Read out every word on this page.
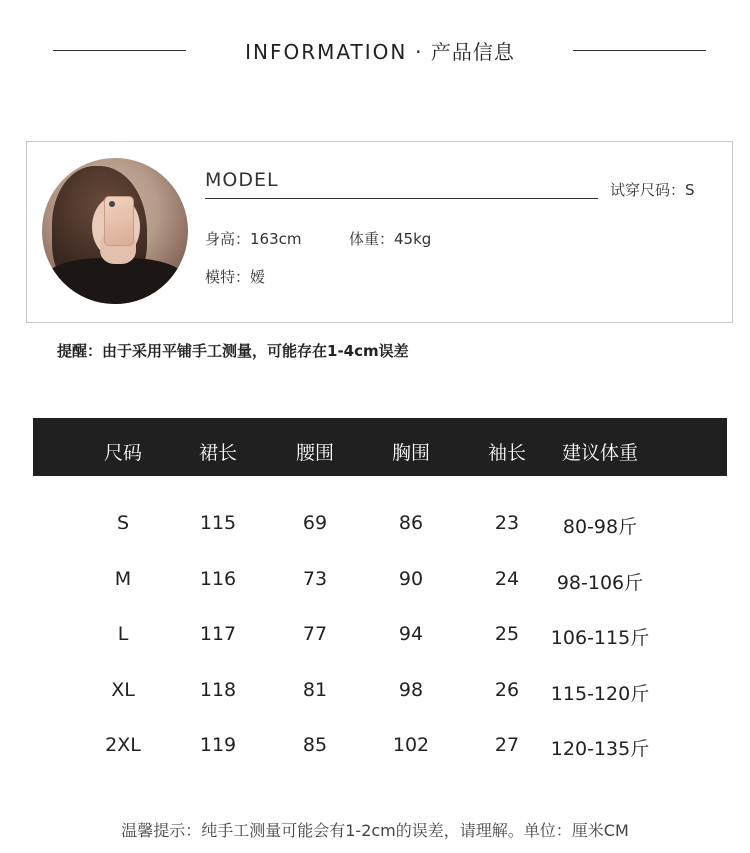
INFORMATION · 产品信息
MODEL	试穿尺码：S
身高：163cm	体重：45kg
模特：嫒
提醒：由于采用平铺手工测量，可能存在1-4cm误差
尺码	裙长	腰围	胸围	袖长 建议体重
S	115	69	86	23 80-98斤
M	116	73	90	24 98-106斤
L	117	77	94	25 106-115斤
XL	118	81	98	26 115-120斤
2XL	119	85	102	27 120-135斤
温馨提示：纯手工测量可能会有1-2cm的误差，请理解。单位：厘米CM
